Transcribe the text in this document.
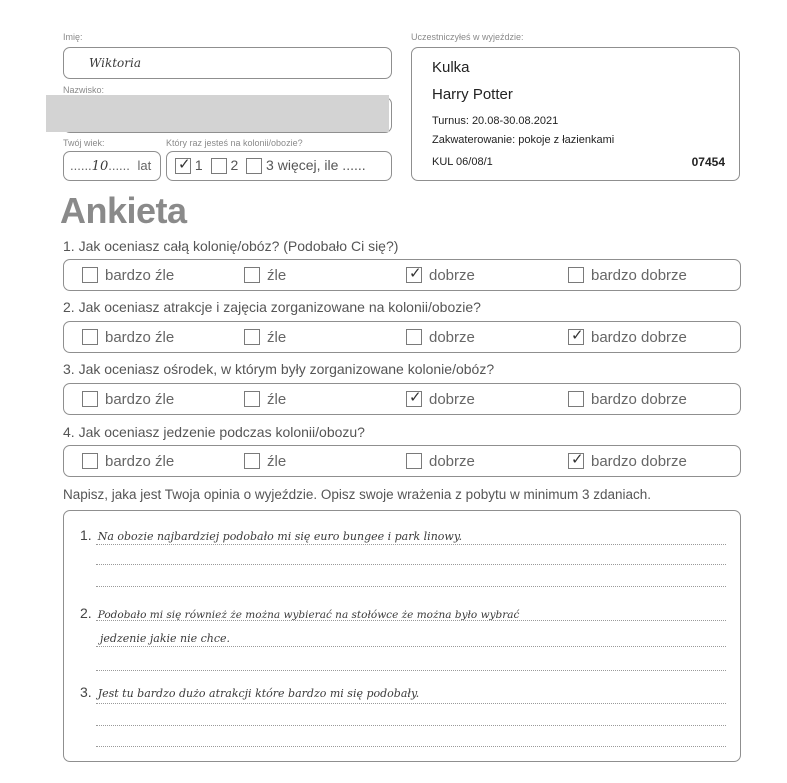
Imię:
Wiktoria
Nazwisko:
Twój wiek:	Który raz jesteś na kolonii/obozie?
......10...... lat ✓ 1 2 3 więcej, ile ......
Uczestniczyłeś w wyjeździe:
Kulka
Harry Potter
Turnus: 20.08-30.08.2021
Zakwaterowanie: pokoje z łazienkami
KUL 06/08/1	07454
Ankieta
1. Jak oceniasz całą kolonię/obóz? (Podobało Ci się?)
bardzo źle	źle	✓ dobrze	bardzo dobrze
2. Jak oceniasz atrakcje i zajęcia zorganizowane na kolonii/obozie?
bardzo źle	źle	dobrze	✓ bardzo dobrze
3. Jak oceniasz ośrodek, w którym były zorganizowane kolonie/obóz?
bardzo źle	źle	✓ dobrze	bardzo dobrze
4. Jak oceniasz jedzenie podczas kolonii/obozu?
bardzo źle	źle	dobrze	✓ bardzo dobrze
Napisz, jaka jest Twoja opinia o wyjeździe. Opisz swoje wrażenia z pobytu w minimum 3 zdaniach.
1. Na obozie najbardziej podobało mi się euro bungee i park linowy.
2. Podobało mi się również że można wybierać na stołówce że można było wybrać
jedzenie jakie nie chce.
3. Jest tu bardzo dużo atrakcji które bardzo mi się podobały.
